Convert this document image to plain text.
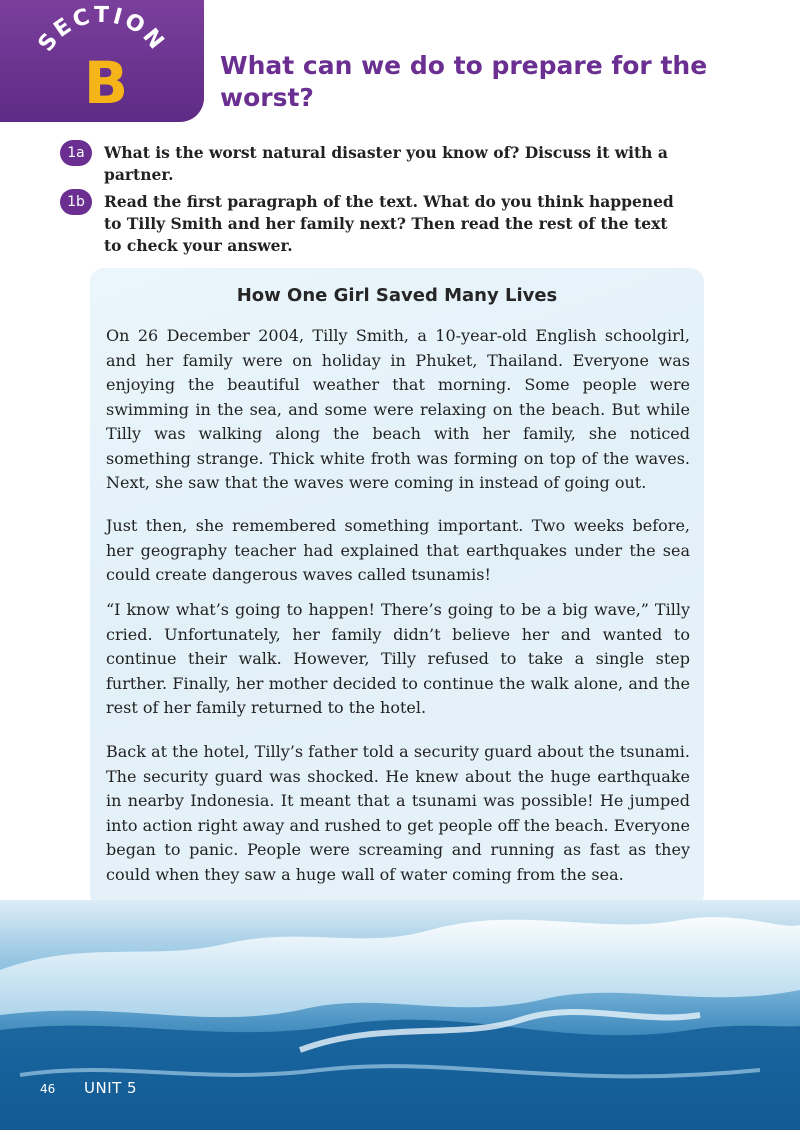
SECTION
B	What can we do to prepare for the worst?
1a	What is the worst natural disaster you know of? Discuss it with a partner.
1b	Read the first paragraph of the text. What do you think happened to Tilly Smith and her family next? Then read the rest of the text to check your answer.
How One Girl Saved Many Lives

On 26 December 2004, Tilly Smith, a 10-year-old English schoolgirl, and her family were on holiday in Phuket, Thailand. Everyone was enjoying the beautiful weather that morning. Some people were swimming in the sea, and some were relaxing on the beach. But while Tilly was walking along the beach with her family, she noticed something strange. Thick white froth was forming on top of the waves. Next, she saw that the waves were coming in instead of going out.

Just then, she remembered something important. Two weeks before, her geography teacher had explained that earthquakes under the sea could create dangerous waves called tsunamis!

“I know what’s going to happen! There’s going to be a big wave,” Tilly cried. Unfortunately, her family didn’t believe her and wanted to continue their walk. However, Tilly refused to take a single step further. Finally, her mother decided to continue the walk alone, and the rest of her family returned to the hotel.

Back at the hotel, Tilly’s father told a security guard about the tsunami. The security guard was shocked. He knew about the huge earthquake in nearby Indonesia. It meant that a tsunami was possible! He jumped into action right away and rushed to get people off the beach. Everyone began to panic. People were screaming and running as fast as they could when they saw a huge wall of water coming from the sea.

46 UNIT 5
